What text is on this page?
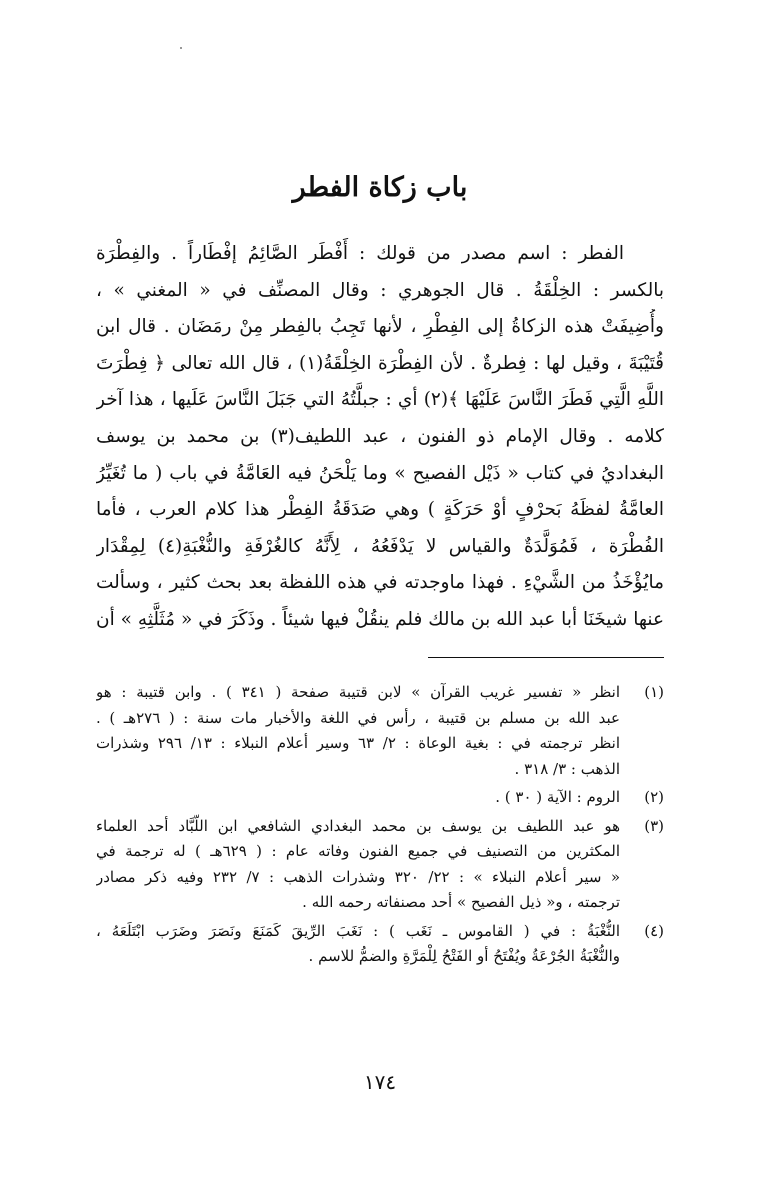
باب زكاة الفطر
الفطر : اسم مصدر من قولك : أَفْطَر الصَّائِمُ إفْطَاراً . والفِطْرَة
بالكسر : الخِلْقَةُ . قال الجوهري : وقال المصنِّف في « المغني » ،
وأُضِيفَتْ هذه الزكاةُ إلى الفِطْرِ ، لأنها تَجِبُ بالفِطر مِنْ رمَضَان . قال ابن
قُتَيْبَةَ ، وقيل لها : فِطرةٌ . لأن الفِطْرَة الخِلْقَةُ(١) ، قال الله تعالى ﴿ فِطْرَتَ
اللَّهِ الَّتِي فَطَرَ النَّاسَ عَلَيْهَا ﴾(٢) أي : جبلَّتُهُ التي جَبَلَ النَّاسَ عَلَيها ، هذا آخر
كلامه . وقال الإمام ذو الفنون ، عبد اللطيف(٣) بن محمد بن يوسف
البغداديُ في كتاب « ذَيْل الفصيح » وما يَلْحَنُ فيه العَامَّةُ في باب ( ما تُغَيِّرُ
العامَّةُ لفظَهُ بَحرْفٍ أوْ حَرَكَةٍ ) وهي صَدَقَةُ الفِطْر هذا كلام العرب ، فأما
الفُطْرَة ، فَمُوَلَّدَةٌ والقياس لا يَدْفَعُهُ ، لِأَنَّهُ كالغُرْفَةِ والنُّغْبَةِ(٤) لِمِقْدَار
مايُؤْخَذُ من الشَّيْءِ . فهذا ماوجدته في هذه اللفظة بعد بحث كثير ، وسألت
عنها شيخَنَا أبا عبد الله بن مالك فلم ينقُلْ فيها شيئاً . وذَكَرَ في « مُثَلَّثِهِ » أن
(١)
انظر « تفسير غريب القرآن » لابن قتيبة صفحة ( ٣٤١ ) . وابن قتيبة : هو
عبد الله بن مسلم بن قتيبة ، رأس في اللغة والأخبار مات سنة : ( ٢٧٦هـ ) .
انظر ترجمته في : بغية الوعاة : ٢/ ٦٣ وسير أعلام النبلاء : ١٣/ ٢٩٦ وشذرات
الذهب : ٣/ ٣١٨ .
(٢)
الروم : الآية ( ٣٠ ) .
(٣)
هو عبد اللطيف بن يوسف بن محمد البغدادي الشافعي ابن اللَّبَّاد أحد العلماء
المكثرين من التصنيف في جميع الفنون وفاته عام : ( ٦٢٩هـ ) له ترجمة في
« سير أعلام النبلاء » : ٢٢/ ٣٢٠ وشذرات الذهب : ٧/ ٢٣٢ وفيه ذكر مصادر
ترجمته ، و« ذيل الفصيح » أحد مصنفاته رحمه الله .
(٤)
النُّغْبَةُ : في ( القاموس ـ نَغَب ) : نَغَبَ الرِّيقَ كَمَنَعَ ونَصَرَ وضَرَب ابْتَلَعَهُ ،
والنُّغْبَةُ الجُرْعَةُ ويُفْتَحُ أو الفَتْحُ لِلْمَرَّةِ والضمُّ للاسم .
١٧٤
